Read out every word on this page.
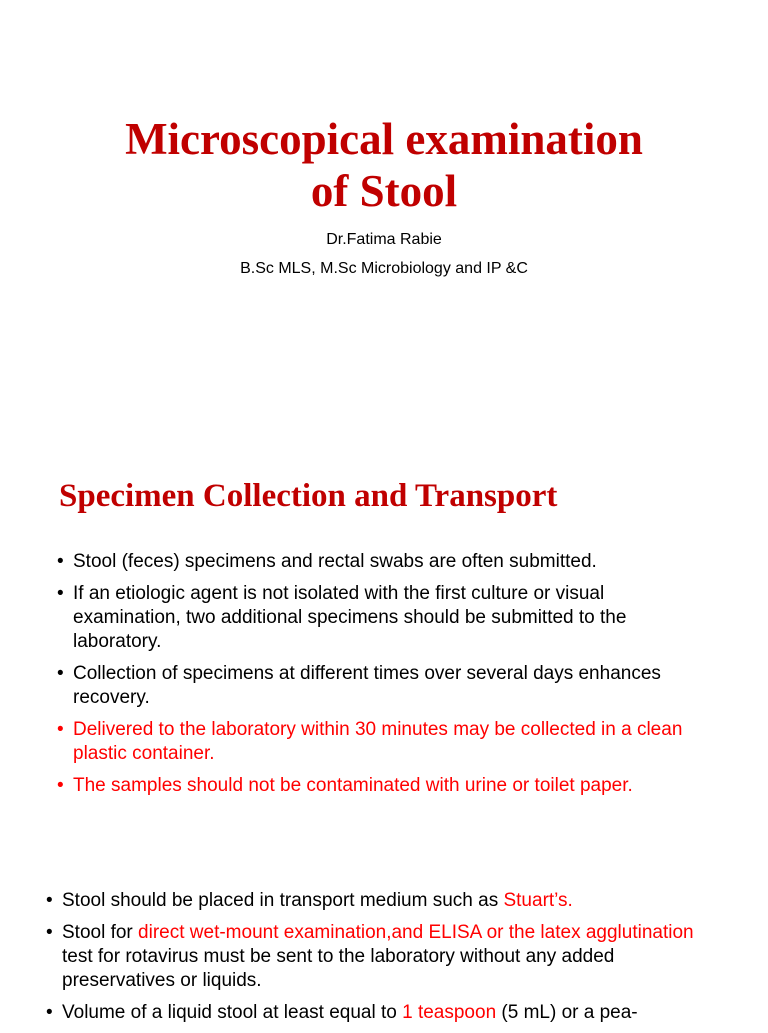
Microscopical examination
of Stool

Dr.Fatima Rabie

B.Sc MLS, M.Sc Microbiology and IP &C

Specimen Collection and Transport
• Stool (feces) specimens and rectal swabs are often submitted.
• If an etiologic agent is not isolated with the first culture or visual examination, two additional specimens should be submitted to the laboratory.
• Collection of specimens at different times over several days enhances recovery.
• Delivered to the laboratory within 30 minutes may be collected in a clean plastic container.
• The samples should not be contaminated with urine or toilet paper.
• Stool should be placed in transport medium such as Stuart’s.
• Stool for direct wet-mount examination,and ELISA or the latex agglutination test for rotavirus must be sent to the laboratory without any added preservatives or liquids.
• Volume of a liquid stool at least equal to 1 teaspoon (5 mL) or a pea-
